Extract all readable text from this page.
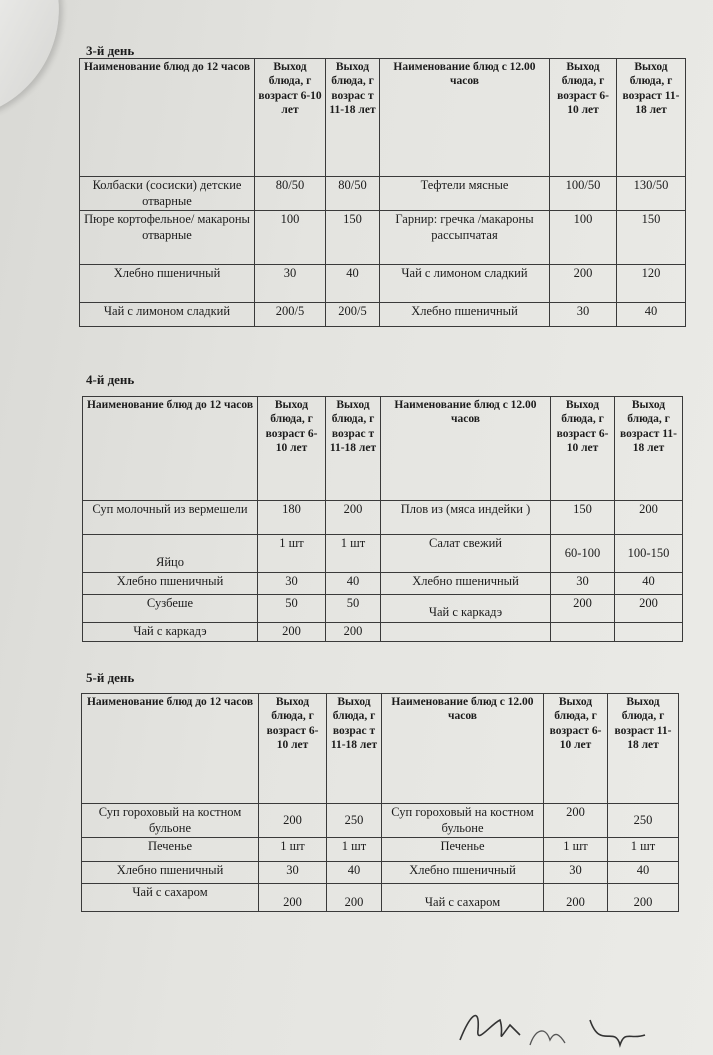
3-й день
Наименование блюд до 12 часов	Выход блюда, г возраст 6-10 лет	Выход блюда, г возрас т 11-18 лет	Наименование блюд с 12.00 часов	Выход блюда, г возраст 6-10 лет	Выход блюда, г возраст 11-18 лет
Колбаски (сосиски) детские отварные	80/50	80/50	Тефтели мясные	100/50	130/50
Пюре кортофельное/ макароны отварные	100	150	Гарнир: гречка /макароны рассыпчатая	100	150
Хлебно пшеничный	30	40	Чай с лимоном сладкий	200	120
Чай с лимоном сладкий	200/5	200/5	Хлебно пшеничный	30	40
4-й день
Наименование блюд до 12 часов	Выход блюда, г возраст 6-10 лет	Выход блюда, г возрас т 11-18 лет	Наименование блюд с 12.00 часов	Выход блюда, г возраст 6-10 лет	Выход блюда, г возраст 11-18 лет
Суп молочный из вермешели	180	200	Плов из (мяса индейки )	150	200
Яйцо	1 шт	1 шт	Салат свежий	60-100	100-150
Хлебно пшеничный	30	40	Хлебно пшеничный	30	40
Сузбеше	50	50	Чай с каркадэ	200	200
Чай с каркадэ	200	200			
5-й день
Наименование блюд до 12 часов	Выход блюда, г возраст 6-10 лет	Выход блюда, г возрас т 11-18 лет	Наименование блюд с 12.00 часов	Выход блюда, г возраст 6-10 лет	Выход блюда, г возраст 11-18 лет
Суп гороховый на костном бульоне	200	250	Суп гороховый на костном бульоне	200	250
Печенье	1 шт	1 шт	Печенье	1 шт	1 шт
Хлебно пшеничный	30	40	Хлебно пшеничный	30	40
Чай с сахаром	200	200	Чай с сахаром	200	200
